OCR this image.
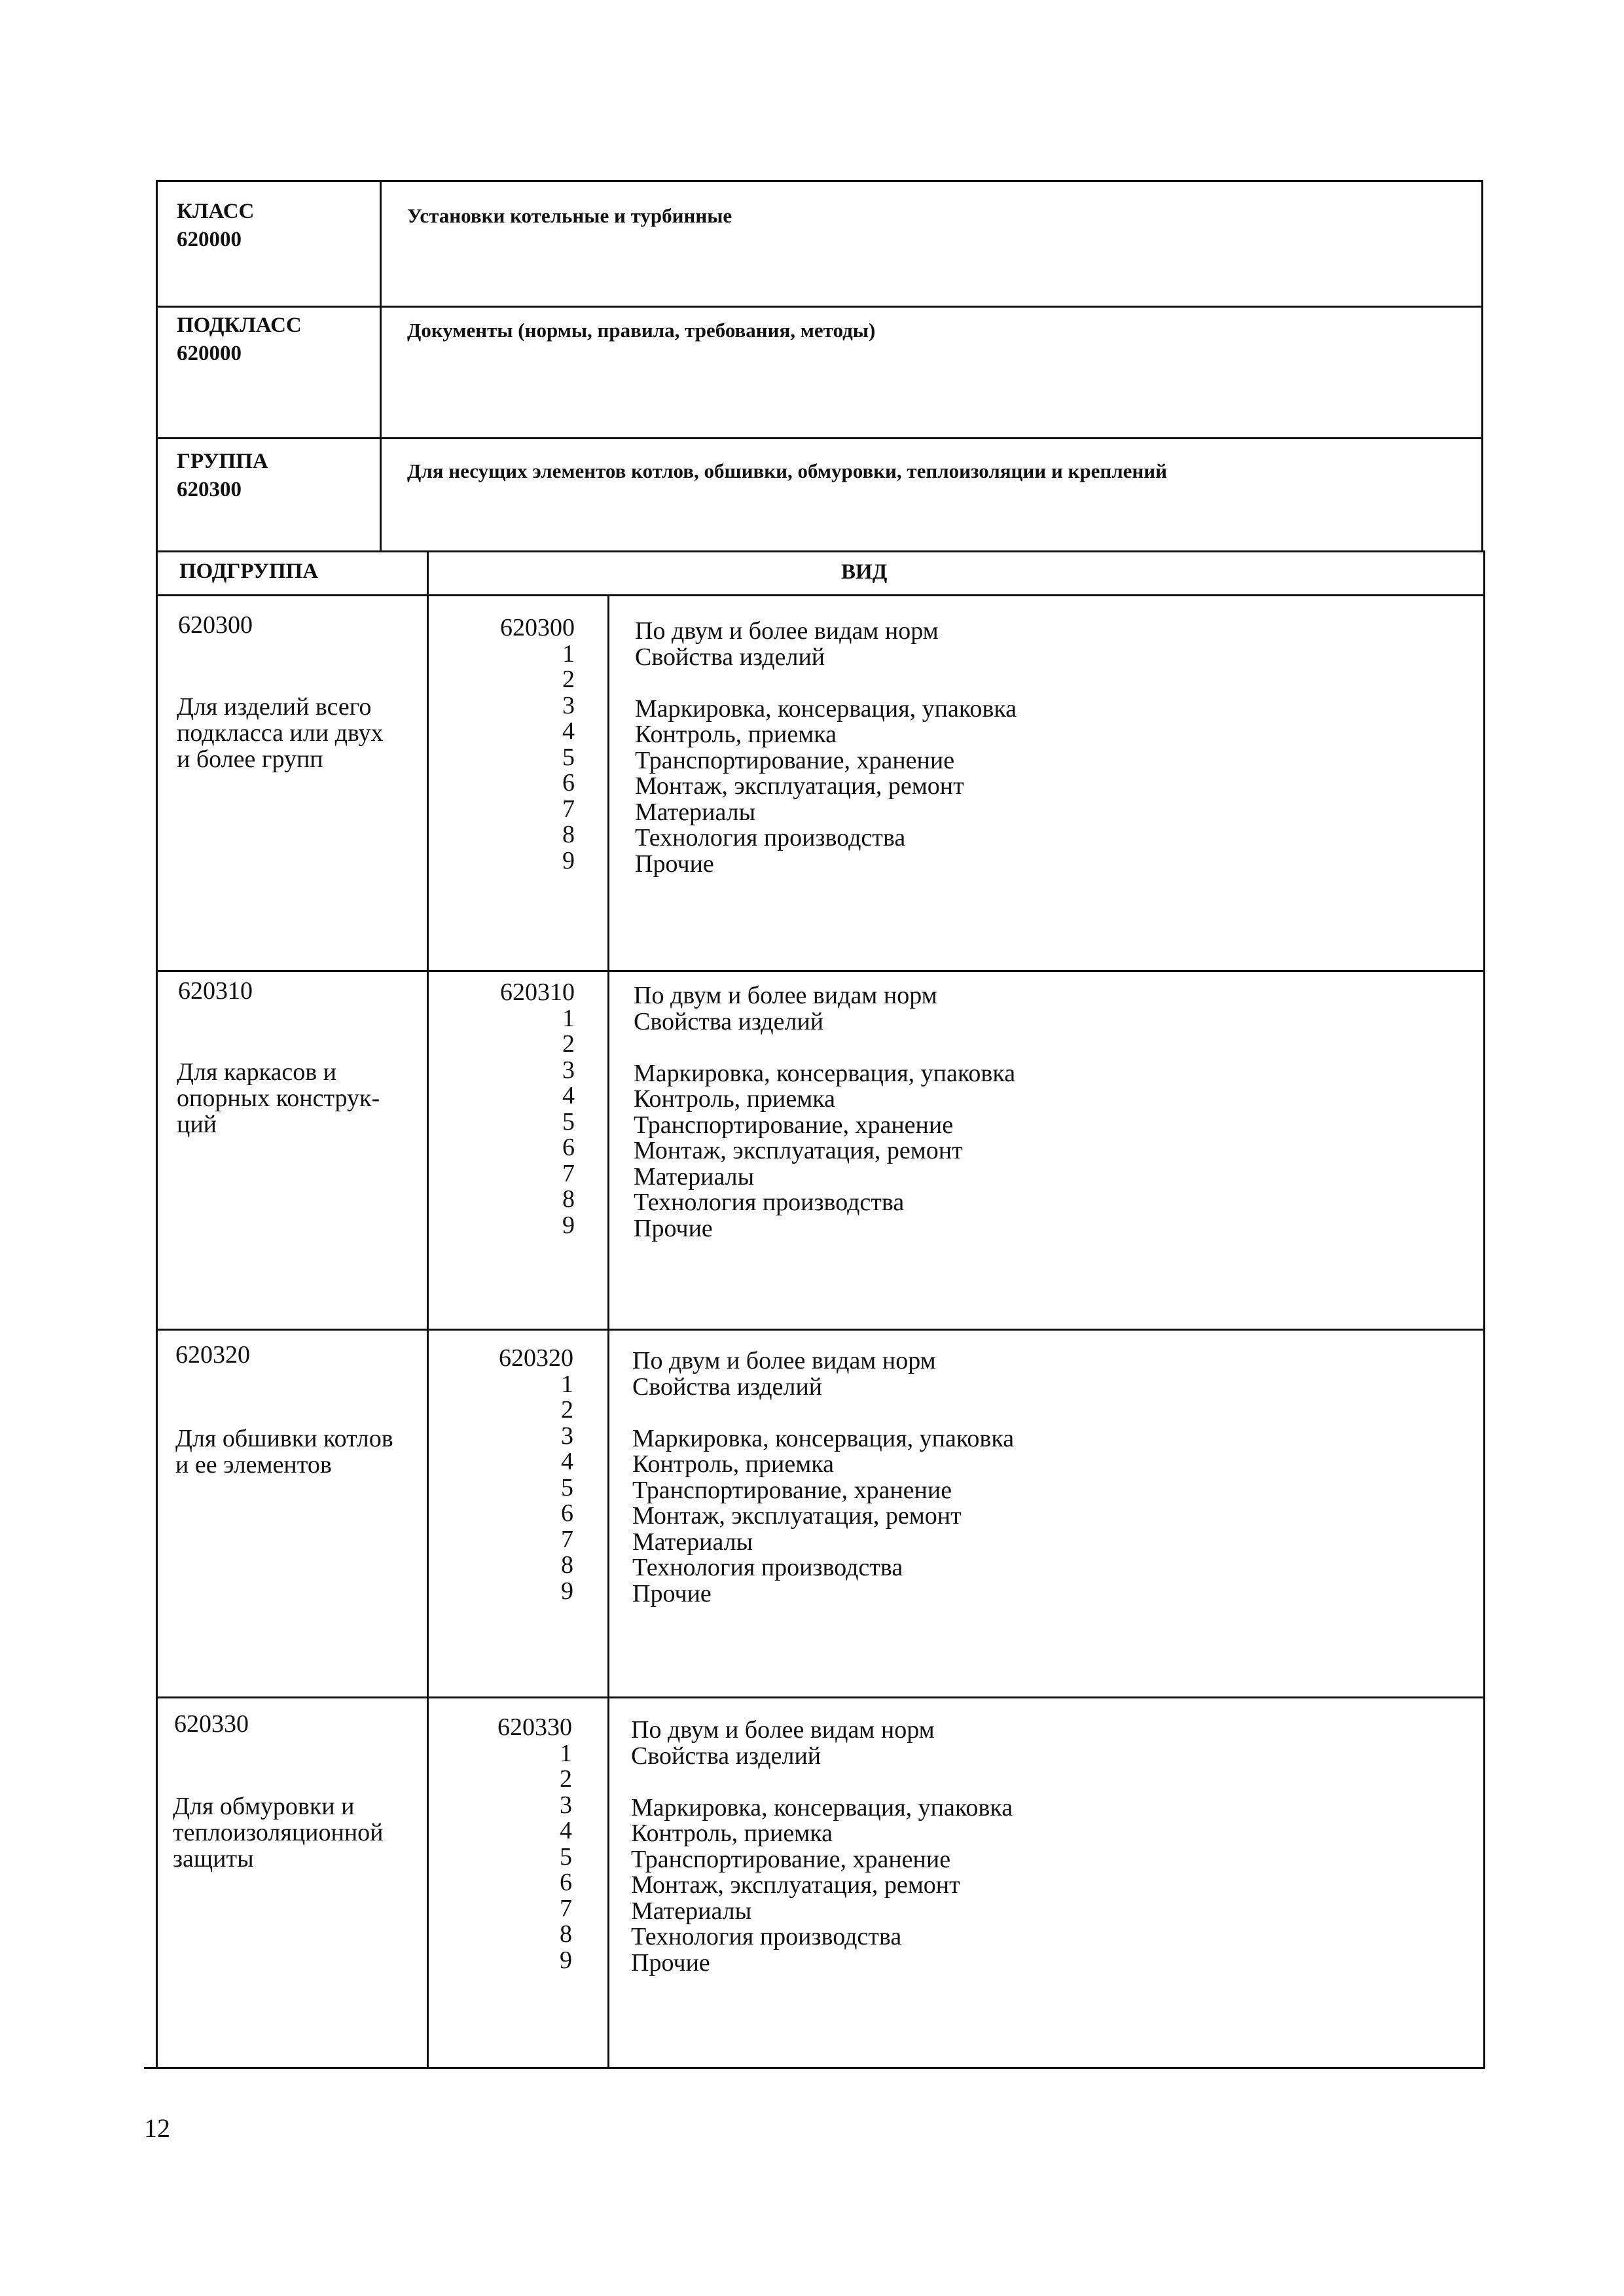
КЛАСС
620000
Установки котельные и турбинные
ПОДКЛАСС
620000
Документы (нормы, правила, требования, методы)
ГРУППА
620300
Для несущих элементов котлов, обшивки, обмуровки, теплоизоляции и креплений
ПОДГРУППА	ВИД
620300
Для изделий всего
подкласса или двух
и более групп
620300
1
2
3
4
5
6
7
8
9
По двум и более видам норм
Свойства изделий
Маркировка, консервация, упаковка
Контроль, приемка
Транспортирование, хранение
Монтаж, эксплуатация, ремонт
Материалы
Технология производства
Прочие
620310
Для каркасов и
опорных конструк-
ций
620310
1
2
3
4
5
6
7
8
9
По двум и более видам норм
Свойства изделий
Маркировка, консервация, упаковка
Контроль, приемка
Транспортирование, хранение
Монтаж, эксплуатация, ремонт
Материалы
Технология производства
Прочие
620320
Для обшивки котлов
и ее элементов
620320
1
2
3
4
5
6
7
8
9
По двум и более видам норм
Свойства изделий
Маркировка, консервация, упаковка
Контроль, приемка
Транспортирование, хранение
Монтаж, эксплуатация, ремонт
Материалы
Технология производства
Прочие
620330
Для обмуровки и
теплоизоляционной
защиты
620330
1
2
3
4
5
6
7
8
9
По двум и более видам норм
Свойства изделий
Маркировка, консервация, упаковка
Контроль, приемка
Транспортирование, хранение
Монтаж, эксплуатация, ремонт
Материалы
Технология производства
Прочие
12
